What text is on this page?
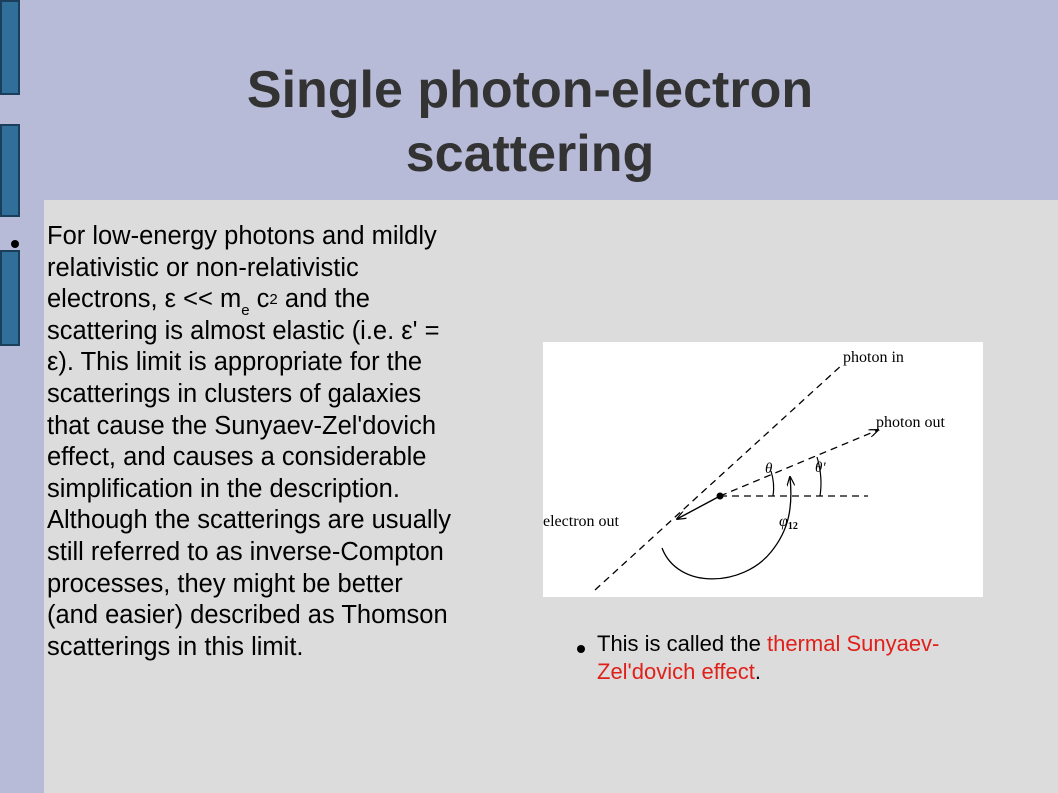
Single photon-electron
scattering

For low-energy photons and mildly
relativistic or non-relativistic
electrons, $\varepsilon << m_e$ $c^2$ and the
scattering is almost elastic (i.e. ε' =
ε). This limit is appropriate for the
scatterings in clusters of galaxies
that cause the Sunyaev-Zel'dovich
effect, and causes a considerable
simplification in the description.
Although the scatterings are usually
still referred to as inverse-Compton
processes, they might be better
(and easier) described as Thomson
scatterings in this limit.

photon in
photon out
electron out
θ	θ′
φ12

This is called the thermal Sunyaev-
Zel'dovich effect.
